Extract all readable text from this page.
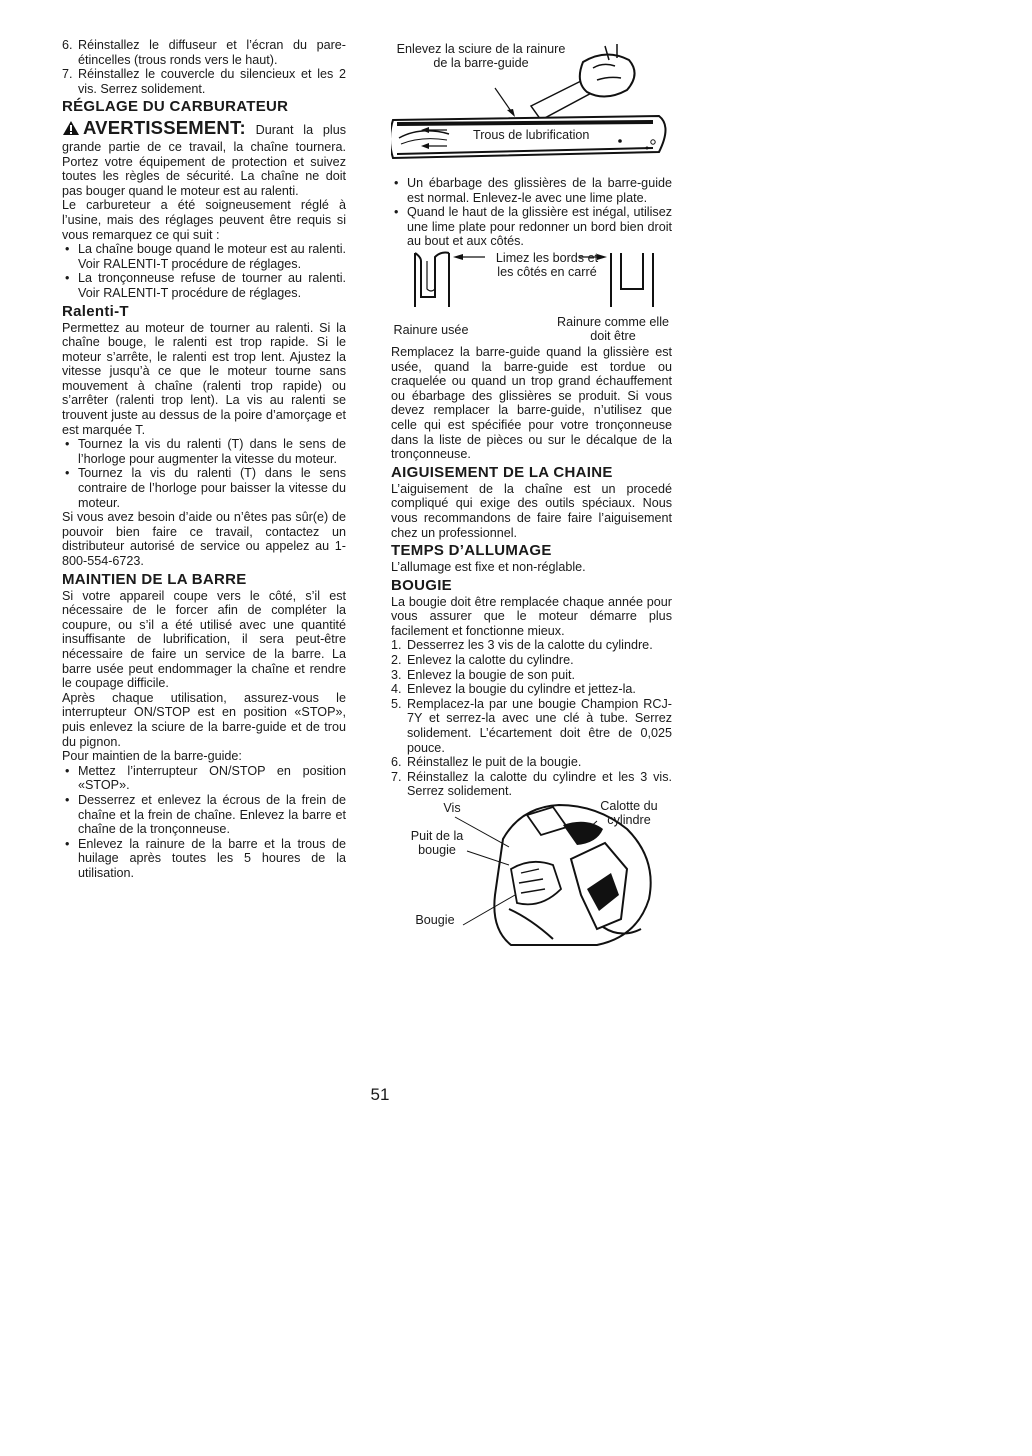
6. Réinstallez le diffuseur et l’écran du pare-étincelles (trous ronds vers le haut).
7. Réinstallez le couvercle du silencieux et les 2 vis. Serrez solidement.
RÉGLAGE DU CARBURATEUR

AVERTISSEMENT: Durant la plus grande partie de ce travail, la chaîne tournera. Portez votre équipement de protection et suivez toutes les règles de sécurité. La chaîne ne doit pas bouger quand le moteur est au ralenti.

Le carbureteur a été soigneusement réglé à l’usine, mais des réglages peuvent être requis si vous remarquez ce qui suit :

• La chaîne bouge quand le moteur est au ralenti. Voir RALENTI-T procédure de réglages.
• La tronçonneuse refuse de tourner au ralenti. Voir RALENTI-T procédure de réglages.
Ralenti-T

Permettez au moteur de tourner au ralenti. Si la chaîne bouge, le ralenti est trop rapide. Si le moteur s’arrête, le ralenti est trop lent. Ajustez la vitesse jusqu’à ce que le moteur tourne sans mouvement à chaîne (ralenti trop rapide) ou s’arrêter (ralenti trop lent). La vis au ralenti se trouvent juste au dessus de la poire d’amorçage et est marquée T.

• Tournez la vis du ralenti (T) dans le sens de l’horloge pour augmenter la vitesse du moteur.
• Tournez la vis du ralenti (T) dans le sens contraire de l’horloge pour baisser la vitesse du moteur.

Si vous avez besoin d’aide ou n’êtes pas sûr(e) de pouvoir bien faire ce travail, contactez un distributeur autorisé de service ou appelez au 1-800-554-6723.

MAINTIEN DE LA BARRE

Si votre appareil coupe vers le côté, s’il est nécessaire de le forcer afin de compléter la coupure, ou s’il a été utilisé avec une quantité insuffisante de lubrification, il sera peut-être nécessaire de faire un service de la barre. La barre usée peut endommager la chaîne et rendre le coupage difficile.

Après chaque utilisation, assurez-vous le interrupteur ON/STOP est en position «STOP», puis enlevez la sciure de la barre-guide et de trou du pignon.

Pour maintien de la barre-guide:

• Mettez l’interrupteur ON/STOP en position «STOP».
• Desserrez et enlevez la écrous de la frein de chaîne et la frein de chaîne. Enlevez la barre et chaîne de la tronçonneuse.
• Enlevez la rainure de la barre et la trous de huilage après toutes les 5 houres de la utilisation.
Enlevez la sciure de la rainure de la barre-guide
Trous de lubrification
• Un ébarbage des glissières de la barre-guide est normal. Enlevez-le avec une lime plate.
• Quand le haut de la glissière est inégal, utilisez une lime plate pour redonner un bord bien droit au bout et aux côtés.
Limez les bords et les côtés en carré
Rainure usée
Rainure comme elle doit être

Remplacez la barre-guide quand la glissière est usée, quand la barre-guide est tordue ou craquelée ou quand un trop grand échauffement ou ébarbage des glissières se produit. Si vous devez remplacer la barre-guide, n’utilisez que celle qui est spécifiée pour votre tronçonneuse dans la liste de pièces ou sur le décalque de la tronçonneuse.

AIGUISEMENT DE LA CHAINE

L’aiguisement de la chaîne est un procedé compliqué qui exige des outils spéciaux. Nous vous recommandons de faire faire l’aiguisement chez un professionnel.

TEMPS D’ALLUMAGE

L’allumage est fixe et non-réglable.

BOUGIE

La bougie doit être remplacée chaque année pour vous assurer que le moteur démarre plus facilement et fonctionne mieux.

1. Desserrez les 3 vis de la calotte du cylindre.
2. Enlevez la calotte du cylindre.
3. Enlevez la bougie de son puit.
4. Enlevez la bougie du cylindre et jettez-la.
5. Remplacez-la par une bougie Champion RCJ-7Y et serrez-la avec une clé à tube. Serrez solidement. L’écartement doit être de 0,025 pouce.
6. Réinstallez le puit de la bougie.
7. Réinstallez la calotte du cylindre et les 3 vis. Serrez solidement.
Vis	Calotte du cylindre
Puit de la bougie
Bougie
51
